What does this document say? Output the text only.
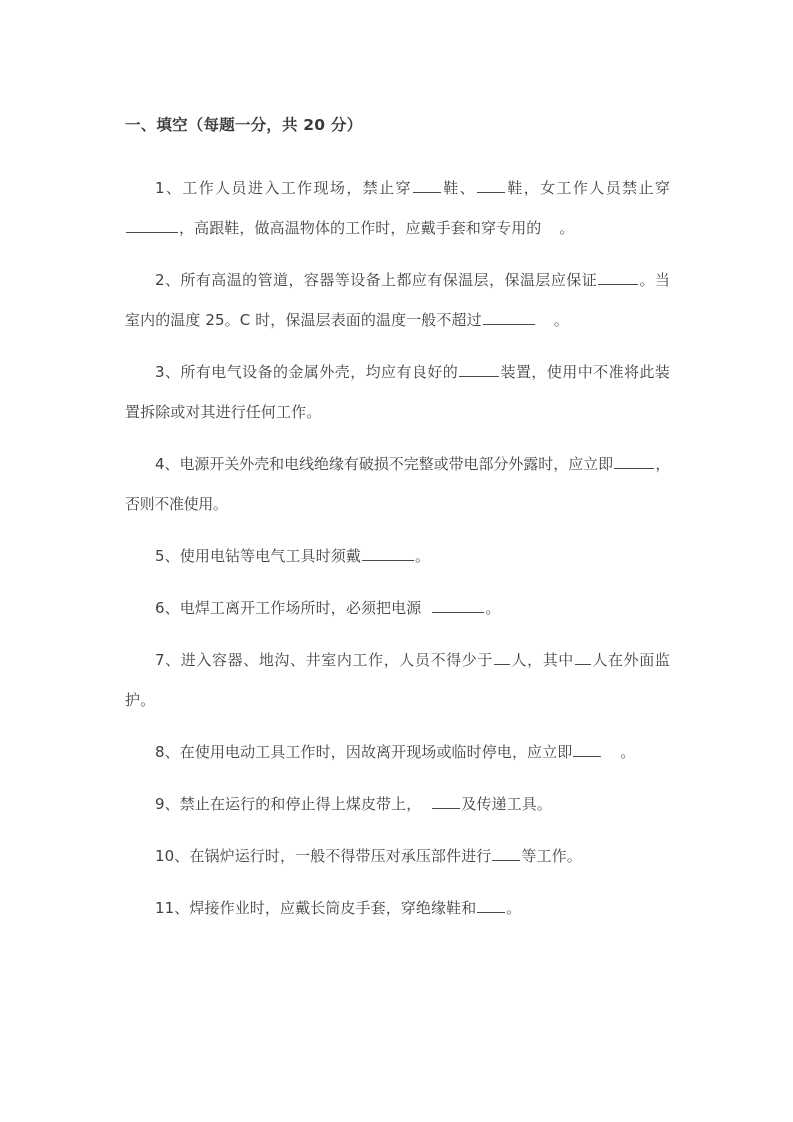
一、填空（每题一分，共 20 分）

1、工作人员进入工作现场，禁止穿 鞋、 鞋，女工作人员禁止穿，高跟鞋，做高温物体的工作时，应戴手套和穿专用的 。

2、所有高温的管道，容器等设备上都应有保温层，保温层应保证	。当室内的温度 25。C 时，保温层表面的温度一般不超过	。

3、所有电气设备的金属外壳，均应有良好的	装置，使用中不准将此装置拆除或对其进行任何工作。

4、电源开关外壳和电线绝缘有破损不完整或带电部分外露时，应立即	，否则不准使用。

5、使用电钻等电气工具时须戴	。

6、电焊工离开工作场所时，必须把电源	。

7、进入容器、地沟、井室内工作，人员不得少于 人，其中 人在外面监护。

8、在使用电动工具工作时，因故离开现场或临时停电，应立即	。

9、禁止在运行的和停止得上煤皮带上，	及传递工具。

10、在锅炉运行时，一般不得带压对承压部件进行 等工作。

11、焊接作业时，应戴长筒皮手套，穿绝缘鞋和 。
